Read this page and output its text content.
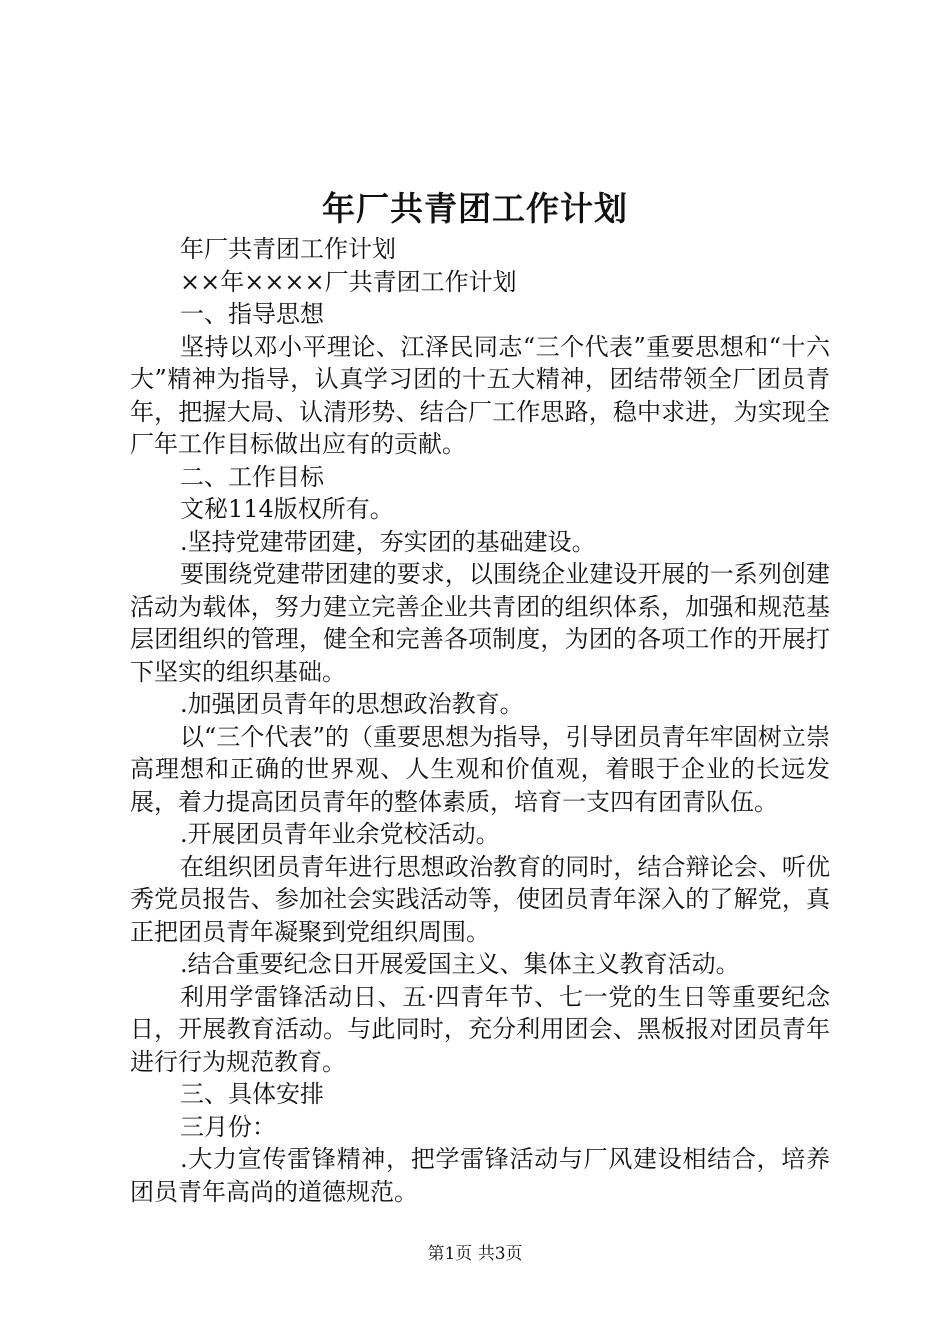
年厂共青团工作计划

年厂共青团工作计划

××年××××厂共青团工作计划

一、指导思想

坚持以邓小平理论、江泽民同志“三个代表”重要思想和“十六大”精神为指导，认真学习团的十五大精神，团结带领全厂团员青年，把握大局、认清形势、结合厂工作思路，稳中求进，为实现全厂年工作目标做出应有的贡献。

二、工作目标

文秘114版权所有。

.坚持党建带团建，夯实团的基础建设。

要围绕党建带团建的要求，以围绕企业建设开展的一系列创建活动为载体，努力建立完善企业共青团的组织体系，加强和规范基层团组织的管理，健全和完善各项制度，为团的各项工作的开展打下坚实的组织基础。

.加强团员青年的思想政治教育。

以“三个代表”的（重要思想为指导，引导团员青年牢固树立崇高理想和正确的世界观、人生观和价值观，着眼于企业的长远发展，着力提高团员青年的整体素质，培育一支四有团青队伍。

.开展团员青年业余党校活动。

在组织团员青年进行思想政治教育的同时，结合辩论会、听优秀党员报告、参加社会实践活动等，使团员青年深入的了解党，真正把团员青年凝聚到党组织周围。

.结合重要纪念日开展爱国主义、集体主义教育活动。

利用学雷锋活动日、五·四青年节、七一党的生日等重要纪念日，开展教育活动。与此同时，充分利用团会、黑板报对团员青年进行行为规范教育。

三、具体安排

三月份：

.大力宣传雷锋精神，把学雷锋活动与厂风建设相结合，培养团员青年高尚的道德规范。

第1页 共3页
